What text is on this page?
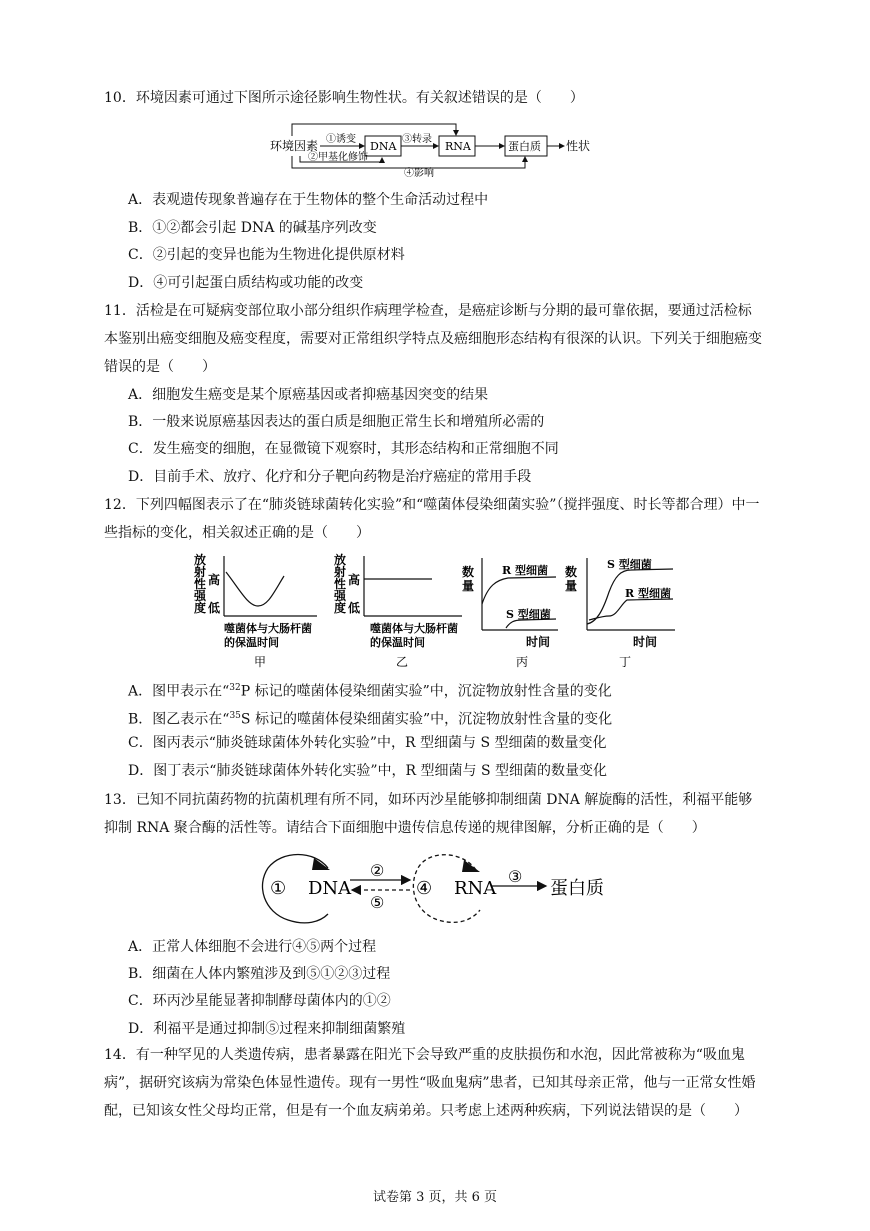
10．环境因素可通过下图所示途径影响生物性状。有关叙述错误的是（　　）
环境因素 ①诱变
DNA
②甲基化修饰
③转录
RNA	蛋白质 性状
④影响
A．表观遗传现象普遍存在于生物体的整个生命活动过程中
B．①②都会引起 DNA 的碱基序列改变
C．②引起的变异也能为生物进化提供原材料
D．④可引起蛋白质结构或功能的改变
11．活检是在可疑病变部位取小部分组织作病理学检查，是癌症诊断与分期的最可靠依据，要通过活检标本鉴别出癌变细胞及癌变程度，需要对正常组织学特点及癌细胞形态结构有很深的认识。下列关于细胞癌变错误的是（　　）
A．细胞发生癌变是某个原癌基因或者抑癌基因突变的结果
B．一般来说原癌基因表达的蛋白质是细胞正常生长和增殖所必需的
C．发生癌变的细胞，在显微镜下观察时，其形态结构和正常细胞不同
D．目前手术、放疗、化疗和分子靶向药物是治疗癌症的常用手段
12．下列四幅图表示了在“肺炎链球菌转化实验”和“噬菌体侵染细菌实验”（搅拌强度、时长等都合理）中一些指标的变化，相关叙述正确的是（　　）
放
射
性
强
度
高
低
噬菌体与大肠杆菌
的保温时间
甲
放
射
性
强
度
高
低
噬菌体与大肠杆菌
的保温时间
乙
数
量
R 型细菌
S 型细菌
时间
丙
数
量
S 型细菌
R 型细菌
时间
丁
A．图甲表示在“$^{32}$P 标记的噬菌体侵染细菌实验”中，沉淀物放射性含量的变化
B．图乙表示在“$^{35}$S 标记的噬菌体侵染细菌实验”中，沉淀物放射性含量的变化
C．图丙表示“肺炎链球菌体外转化实验”中，R 型细菌与 S 型细菌的数量变化
D．图丁表示“肺炎链球菌体外转化实验”中，R 型细菌与 S 型细菌的数量变化
13．已知不同抗菌药物的抗菌机理有所不同，如环丙沙星能够抑制细菌 DNA 解旋酶的活性，利福平能够抑制 RNA 聚合酶的活性等。请结合下面细胞中遗传信息传递的规律图解，分析正确的是（　　）
① DNA
②
⑤
④ RNA
③
蛋白质
A．正常人体细胞不会进行④⑤两个过程
B．细菌在人体内繁殖涉及到⑤①②③过程
C．环丙沙星能显著抑制酵母菌体内的①②
D．利福平是通过抑制⑤过程来抑制细菌繁殖
14．有一种罕见的人类遗传病，患者暴露在阳光下会导致严重的皮肤损伤和水泡，因此常被称为“吸血鬼病”，据研究该病为常染色体显性遗传。现有一男性“吸血鬼病”患者，已知其母亲正常，他与一正常女性婚配，已知该女性父母均正常，但是有一个血友病弟弟。只考虑上述两种疾病，下列说法错误的是（　　）
试卷第 3 页，共 6 页
